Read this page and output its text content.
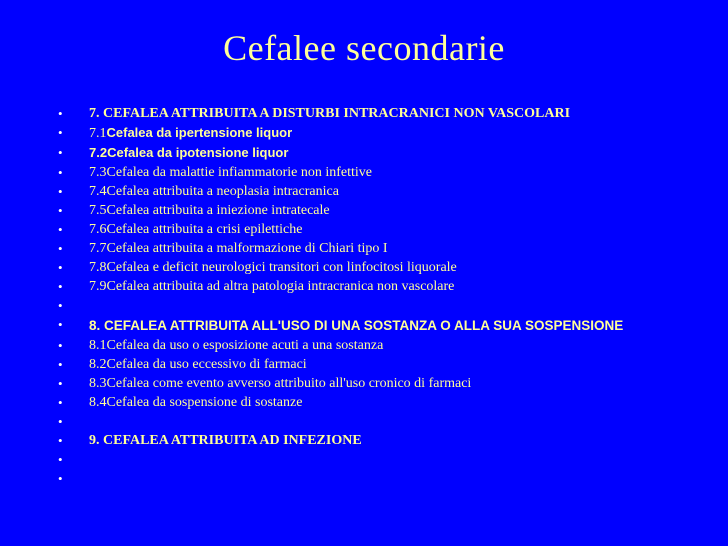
Cefalee secondarie
•	7. CEFALEA ATTRIBUITA A DISTURBI INTRACRANICI NON VASCOLARI
•	7.1Cefalea da ipertensione liquor
•	7.2Cefalea da ipotensione liquor
•	7.3Cefalea da malattie infiammatorie non infettive
•	7.4Cefalea attribuita a neoplasia intracranica
•	7.5Cefalea attribuita a iniezione intratecale
•	7.6Cefalea attribuita a crisi epilettiche
•	7.7Cefalea attribuita a malformazione di Chiari tipo I
•	7.8Cefalea e deficit neurologici transitori con linfocitosi liquorale
•	7.9Cefalea attribuita ad altra patologia intracranica non vascolare
•
•	8. CEFALEA ATTRIBUITA ALL'USO DI UNA SOSTANZA O ALLA SUA SOSPENSIONE
•	8.1Cefalea da uso o esposizione acuti a una sostanza
•	8.2Cefalea da uso eccessivo di farmaci
•	8.3Cefalea come evento avverso attribuito all'uso cronico di farmaci
•	8.4Cefalea da sospensione di sostanze
•
•	9. CEFALEA ATTRIBUITA AD INFEZIONE
•
•
